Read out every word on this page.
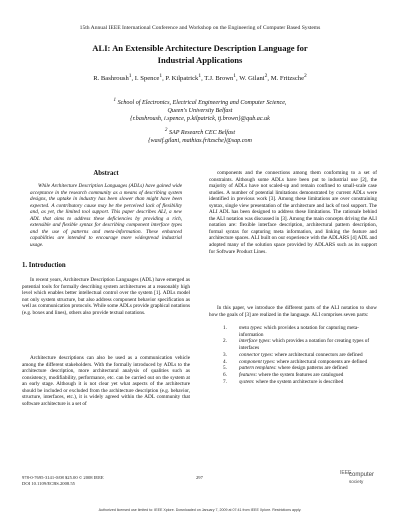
15th Annual IEEE International Conference and Workshop on the Engineering of Computer Based Systems
ALI: An Extensible Architecture Description Language for
Industrial Applications
R. Bashroush$^1$, I. Spence$^1$, P. Kilpatrick$^1$, T.J. Brown$^1$, W. Gilani$^2$, M. Fritzsche$^2$
$^1$ School of Electronics, Electrical Engineering and Computer Science,
Queen's University Belfast
{r.bashroush, i.spence, p.kilpatrick, tj.brown}@qub.ac.uk
$^2$ SAP Research CEC Belfast
{wasif.gilani, mathias.fritzsche}@sap.com
Abstract
While Architecture Description Languages (ADLs) have gained wide acceptance in the research community as a means of describing system designs, the uptake in industry has been slower than might have been expected. A contributory cause may be the perceived lack of flexibility and, as yet, the limited tool support. This paper describes ALI, a new ADL that aims to address these deficiencies by providing a rich, extensible and flexible syntax for describing component interface types and the use of patterns and meta-information. These enhanced capabilities are intended to encourage more widespread industrial usage.
1. Introduction
In recent years, Architecture Description Languages (ADL) have emerged as potential tools for formally describing system architectures at a reasonably high level which enables better intellectual control over the system [1]. ADLs model not only system structure, but also address component behavior specification as well as communication protocols. While some ADLs provide graphical notations (e.g. boxes and lines), others also provide textual notations.
Architecture descriptions can also be used as a communication vehicle among the different stakeholders. With the formally introduced by ADLs to the architecture description, more architectural analysis of qualities such as consistency, modifiability, performance, etc. can be carried out on the system at an early stage. Although it is not clear yet what aspects of the architecture should be included or excluded from the architecture description (e.g. behavior, structure, interfaces, etc.), it is widely agreed within the ADL community that software architecture is a set of
components and the connections among them conforming to a set of constraints. Although some ADLs have been put to industrial use [2], the majority of ADLs have not scaled-up and remain confined to small-scale case studies. A number of potential limitations demonstrated by current ADLs were identified in previous work [3]. Among these limitations are over constraining syntax, single view presentation of the architecture and lack of tool support. The ALI ADL has been designed to address these limitations. The rationale behind the ALI notation was discussed in [3]. Among the main concepts driving the ALI notation are: flexible interface description, architectural pattern description, formal syntax for capturing meta information, and linking the feature and architecture spaces. ALI built on our experience with the ADLARS [4] ADL and adopted many of the solution space provided by ADLARS such as its support for Software Product Lines.
In this paper, we introduce the different parts of the ALI notation to show how the goals of [3] are realized in the language. ALI comprises seven parts:
1. meta types: which provides a notation for capturing meta-information
2. interface types: which provides a notation for creating types of interfaces
3. connector types: where architectural connectors are defined
4. component types: where architectural components are defined
5. pattern templates: where design patterns are defined
6. features: where the system features are catalogued
7. system: where the system architecture is described
978-0-7695-3141-0/08 $25.00 © 2008 IEEE
DOI 10.1109/ECBS.2008.55
297
IEEE
computer
society
Authorized licensed use limited to: IEEE Xplore. Downloaded on January 7, 2009 at 07:41 from IEEE Xplore. Restrictions apply.
